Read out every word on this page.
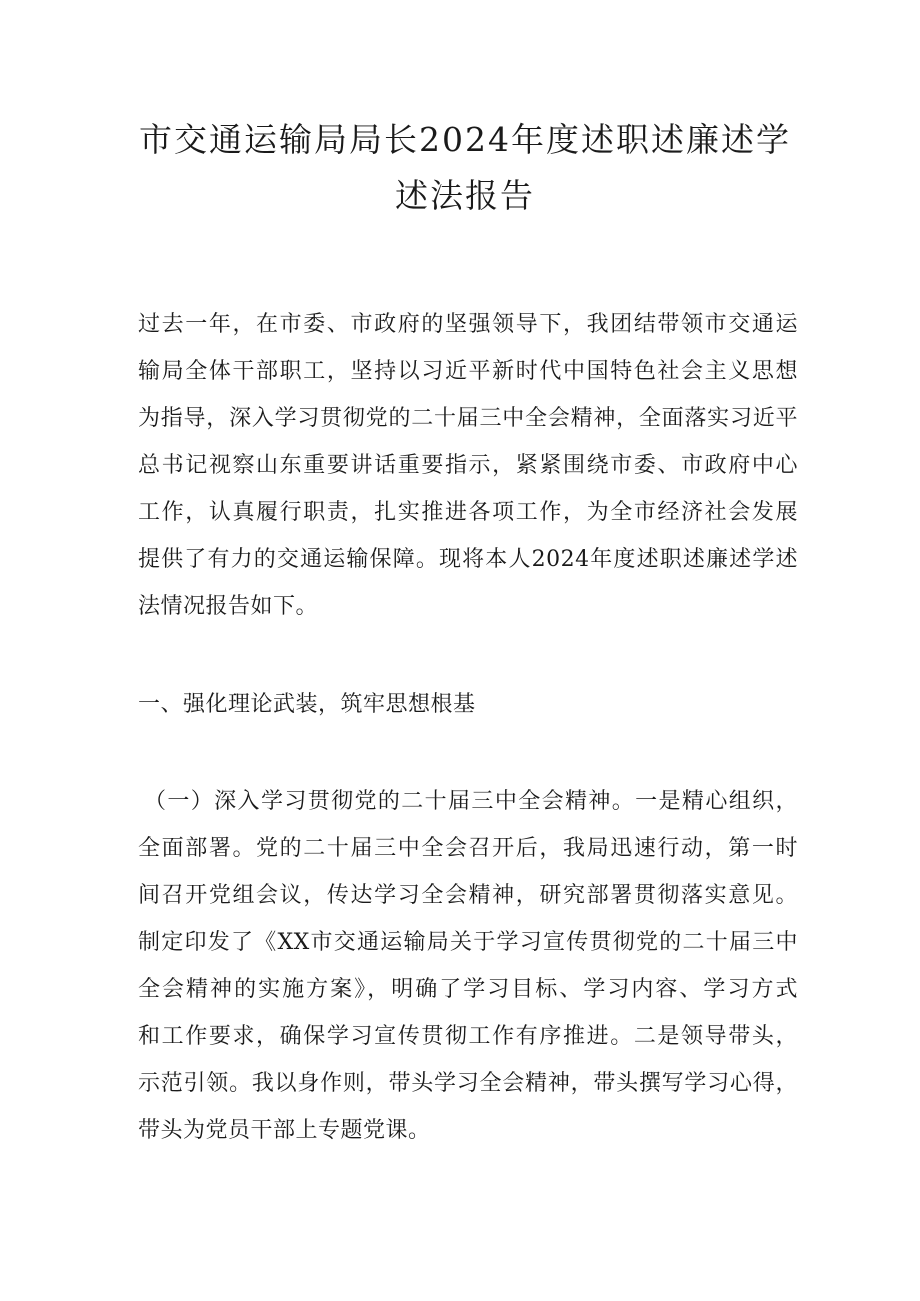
市交通运输局局长2024年度述职述廉述学
述法报告
过去一年，在市委、市政府的坚强领导下，我团结带领市交通运
输局全体干部职工，坚持以习近平新时代中国特色社会主义思想
为指导，深入学习贯彻党的二十届三中全会精神，全面落实习近平
总书记视察山东重要讲话重要指示，紧紧围绕市委、市政府中心
工作，认真履行职责，扎实推进各项工作，为全市经济社会发展
提供了有力的交通运输保障。现将本人2024年度述职述廉述学述
法情况报告如下。
一、强化理论武装，筑牢思想根基
（一）深入学习贯彻党的二十届三中全会精神。一是精心组织，
全面部署。党的二十届三中全会召开后，我局迅速行动，第一时
间召开党组会议，传达学习全会精神，研究部署贯彻落实意见。
制定印发了《XX市交通运输局关于学习宣传贯彻党的二十届三中
全会精神的实施方案》，明确了学习目标、学习内容、学习方式
和工作要求，确保学习宣传贯彻工作有序推进。二是领导带头，
示范引领。我以身作则，带头学习全会精神，带头撰写学习心得，
带头为党员干部上专题党课。
